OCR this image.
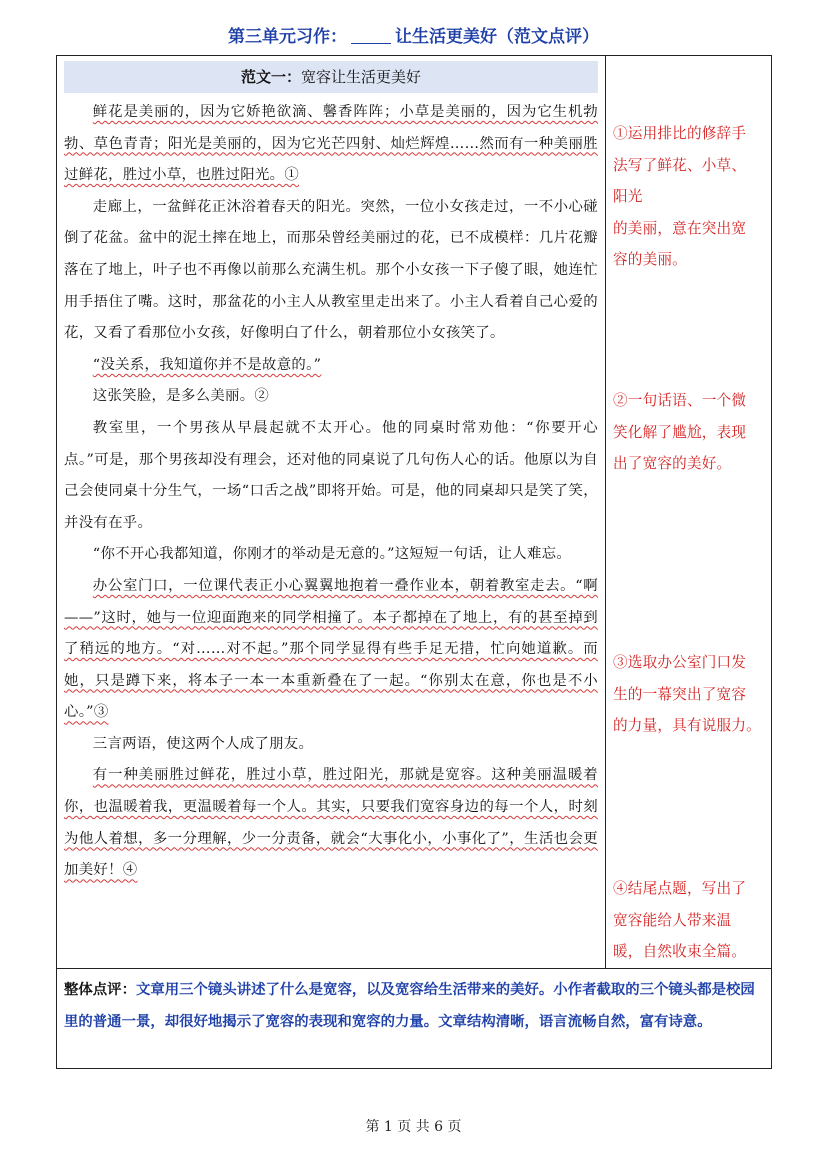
第三单元习作：	让生活更美好（范文点评）
范文一：宽容让生活更美好

鲜花是美丽的，因为它娇艳欲滴、馨香阵阵；小草是美丽的，因为它生机勃勃、草色青青；阳光是美丽的，因为它光芒四射、灿烂辉煌……然而有一种美丽胜过鲜花，胜过小草，也胜过阳光。①

走廊上，一盆鲜花正沐浴着春天的阳光。突然，一位小女孩走过，一不小心碰倒了花盆。盆中的泥土摔在地上，而那朵曾经美丽过的花，已不成模样：几片花瓣落在了地上，叶子也不再像以前那么充满生机。那个小女孩一下子傻了眼，她连忙用手捂住了嘴。这时，那盆花的小主人从教室里走出来了。小主人看着自己心爱的花，又看了看那位小女孩，好像明白了什么，朝着那位小女孩笑了。

“没关系，我知道你并不是故意的。”

这张笑脸，是多么美丽。②

教室里，一个男孩从早晨起就不太开心。他的同桌时常劝他：“你要开心点。”可是，那个男孩却没有理会，还对他的同桌说了几句伤人心的话。他原以为自己会使同桌十分生气，一场“口舌之战”即将开始。可是，他的同桌却只是笑了笑，并没有在乎。

“你不开心我都知道，你刚才的举动是无意的。”这短短一句话，让人难忘。

办公室门口，一位课代表正小心翼翼地抱着一叠作业本，朝着教室走去。“啊——”这时，她与一位迎面跑来的同学相撞了。本子都掉在了地上，有的甚至掉到了稍远的地方。“对……对不起。”那个同学显得有些手足无措，忙向她道歉。而她，只是蹲下来，将本子一本一本重新叠在了一起。“你别太在意，你也是不小心。”③

三言两语，使这两个人成了朋友。

有一种美丽胜过鲜花，胜过小草，胜过阳光，那就是宽容。这种美丽温暖着你，也温暖着我，更温暖着每一个人。其实，只要我们宽容身边的每一个人，时刻为他人着想，多一分理解，少一分责备，就会“大事化小，小事化了”，生活也会更加美好！④

①运用排比的修辞手
法写了鲜花、小草、
阳光
的美丽，意在突出宽
容的美丽。
②一句话语、一个微
笑化解了尴尬，表现
出了宽容的美好。
③选取办公室门口发
生的一幕突出了宽容
的力量，具有说服力。
④结尾点题，写出了
宽容能给人带来温
暖，自然收束全篇。
整体点评：文章用三个镜头讲述了什么是宽容，以及宽容给生活带来的美好。小作者截取的三个镜头都是校园里的普通一景，却很好地揭示了宽容的表现和宽容的力量。文章结构清晰，语言流畅自然，富有诗意。
第 1 页 共 6 页
